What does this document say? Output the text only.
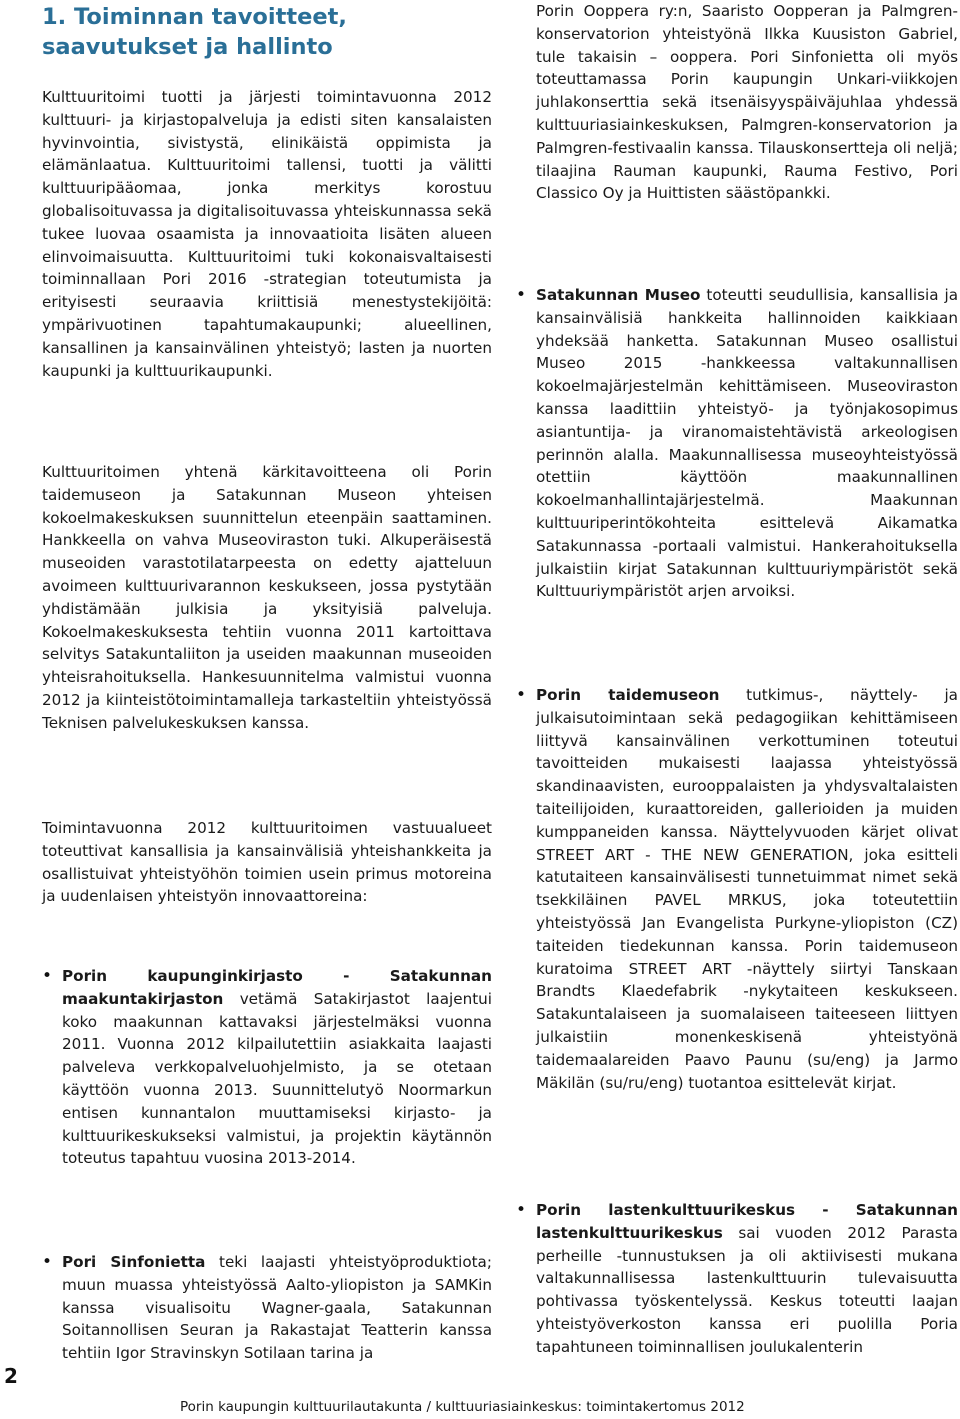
2
1. Toiminnan tavoitteet, saavutukset ja hallinto

Kulttuuritoimi tuotti ja järjesti toimintavuonna 2012 kulttuuri- ja kirjastopalveluja ja edisti siten kansalaisten hyvinvointia, sivistystä, elinikäistä oppimista ja elämänlaatua. Kulttuuritoimi tallensi, tuotti ja välitti kulttuuripääomaa, jonka merkitys korostuu globalisoituvassa ja digitalisoituvassa yhteiskunnassa sekä tukee luovaa osaamista ja innovaatioita lisäten alueen elinvoimaisuutta. Kulttuuritoimi tuki kokonaisvaltaisesti toiminnallaan Pori 2016 -strategian toteutumista ja erityisesti seuraavia kriittisiä menestystekijöitä: ympärivuotinen tapahtumakaupunki; alueellinen, kansallinen ja kansainvälinen yhteistyö; lasten ja nuorten kaupunki ja kulttuurikaupunki.

Kulttuuritoimen yhtenä kärkitavoitteena oli Porin taidemuseon ja Satakunnan Museon yhteisen kokoelmakeskuksen suunnittelun eteenpäin saattaminen. Hankkeella on vahva Museoviraston tuki. Alkuperäisestä museoiden varastotilatarpeesta on edetty ajatteluun avoimeen kulttuurivarannon keskukseen, jossa pystytään yhdistämään julkisia ja yksityisiä palveluja. Kokoelmakeskuksesta tehtiin vuonna 2011 kartoittava selvitys Satakuntaliiton ja useiden maakunnan museoiden yhteisrahoituksella. Hankesuunnitelma valmistui vuonna 2012 ja kiinteistötoimintamalleja tarkasteltiin yhteistyössä Teknisen palvelukeskuksen kanssa.

Toimintavuonna 2012 kulttuuritoimen vastuualueet toteuttivat kansallisia ja kansainvälisiä yhteishankkeita ja osallistuivat yhteistyöhön toimien usein primus motoreina ja uudenlaisen yhteistyön innovaattoreina:

• Porin kaupunginkirjasto - Satakunnan maakuntakirjaston vetämä Satakirjastot laajentui koko maakunnan kattavaksi järjestelmäksi vuonna 2011. Vuonna 2012 kilpailutettiin asiakkaita laajasti palveleva verkkopalveluohjelmisto, ja se otetaan käyttöön vuonna 2013. Suunnittelutyö Noormarkun entisen kunnantalon muuttamiseksi kirjasto- ja kulttuurikeskukseksi valmistui, ja projektin käytännön toteutus tapahtuu vuosina 2013-2014.

• Pori Sinfonietta teki laajasti yhteistyöproduktiota; muun muassa yhteistyössä Aalto-yliopiston ja SAMKin kanssa visualisoitu Wagner-gaala, Satakunnan Soitannollisen Seuran ja Rakastajat Teatterin kanssa tehtiin Igor Stravinskyn Sotilaan tarina ja

Porin Ooppera ry:n, Saaristo Oopperan ja Palmgren-konservatorion yhteistyönä Ilkka Kuusiston Gabriel, tule takaisin – ooppera. Pori Sinfonietta oli myös toteuttamassa Porin kaupungin Unkari-viikkojen juhlakonserttia sekä itsenäisyyspäiväjuhlaa yhdessä kulttuuriasiainkeskuksen, Palmgren-konservatorion ja Palmgren-festivaalin kanssa. Tilauskonsertteja oli neljä; tilaajina Rauman kaupunki, Rauma Festivo, Pori Classico Oy ja Huittisten säästöpankki.

• Satakunnan Museo toteutti seudullisia, kansallisia ja kansainvälisiä hankkeita hallinnoiden kaikkiaan yhdeksää hanketta. Satakunnan Museo osallistui Museo 2015 -hankkeessa valtakunnallisen kokoelmajärjestelmän kehittämiseen. Museoviraston kanssa laadittiin yhteistyö- ja työnjakosopimus asiantuntija- ja viranomaistehtävistä arkeologisen perinnön alalla. Maakunnallisessa museoyhteistyössä otettiin käyttöön maakunnallinen kokoelmanhallintajärjestelmä. Maakunnan kulttuuriperintökohteita esittelevä Aikamatka Satakunnassa -portaali valmistui. Hankerahoituksella julkaistiin kirjat Satakunnan kulttuuriympäristöt sekä Kulttuuriympäristöt arjen arvoiksi.

• Porin taidemuseon tutkimus-, näyttely- ja julkaisutoimintaan sekä pedagogiikan kehittämiseen liittyvä kansainvälinen verkottuminen toteutui tavoitteiden mukaisesti laajassa yhteistyössä skandinaavisten, eurooppalaisten ja yhdysvaltalaisten taiteilijoiden, kuraattoreiden, gallerioiden ja muiden kumppaneiden kanssa. Näyttelyvuoden kärjet olivat STREET ART - THE NEW GENERATION, joka esitteli katutaiteen kansainvälisesti tunnetuimmat nimet sekä tsekkiläinen PAVEL MRKUS, joka toteutettiin yhteistyössä Jan Evangelista Purkyne-yliopiston (CZ) taiteiden tiedekunnan kanssa. Porin taidemuseon kuratoima STREET ART -näyttely siirtyi Tanskaan Brandts Klaedefabrik -nykytaiteen keskukseen. Satakuntalaiseen ja suomalaiseen taiteeseen liittyen julkaistiin monenkeskisenä yhteistyönä taidemaalareiden Paavo Paunu (su/eng) ja Jarmo Mäkilän (su/ru/eng) tuotantoa esittelevät kirjat.

• Porin lastenkulttuurikeskus - Satakunnan lastenkulttuurikeskus sai vuoden 2012 Parasta perheille -tunnustuksen ja oli aktiivisesti mukana valtakunnallisessa lastenkulttuurin tulevaisuutta pohtivassa työskentelyssä. Keskus toteutti laajan yhteistyöverkoston kanssa eri puolilla Poria tapahtuneen toiminnallisen joulukalenterin

Porin kaupungin kulttuurilautakunta / kulttuuriasiainkeskus: toimintakertomus 2012
